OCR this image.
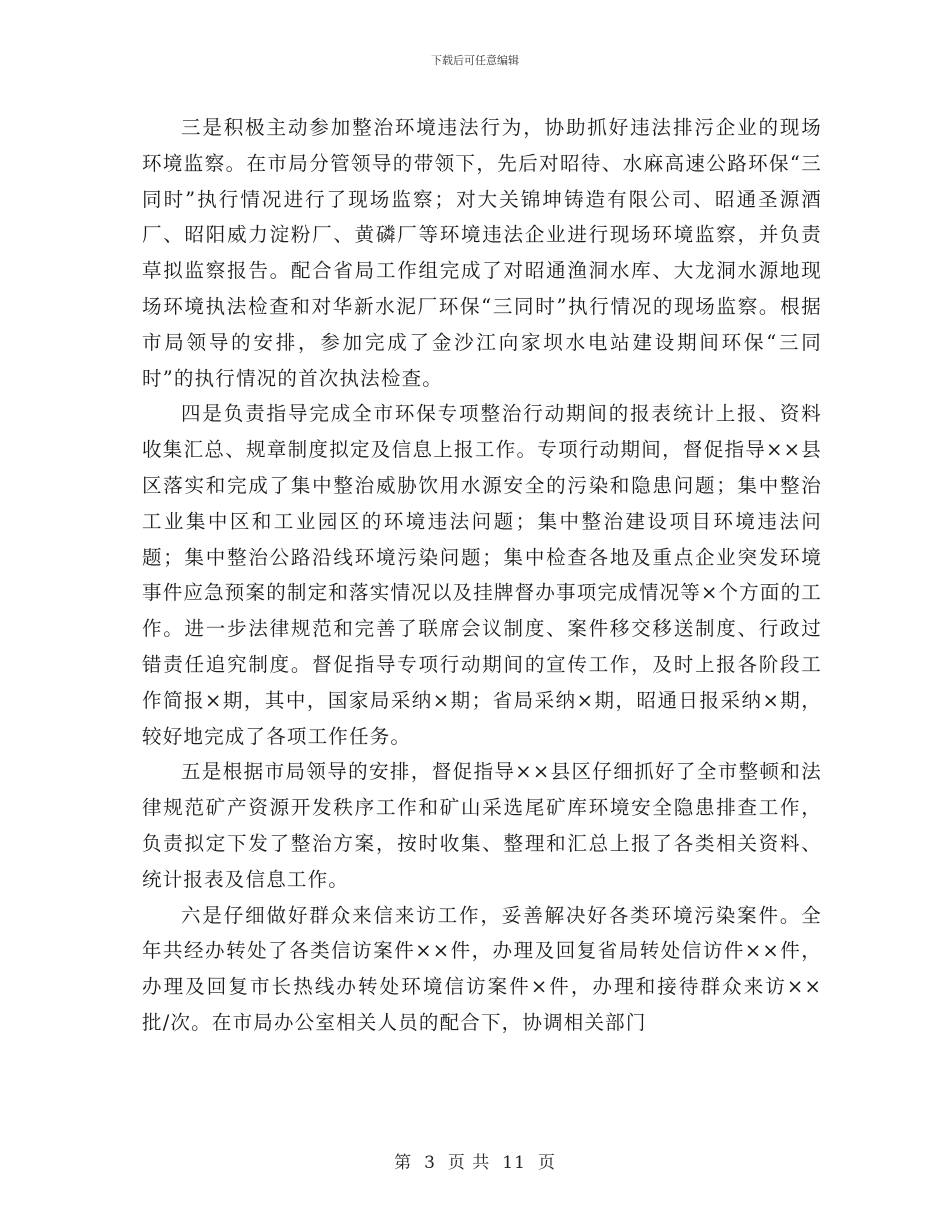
下载后可任意编辑

三是积极主动参加整治环境违法行为，协助抓好违法排污企业的现场环境监察。在市局分管领导的带领下，先后对昭待、水麻高速公路环保“三同时”执行情况进行了现场监察；对大关锦坤铸造有限公司、昭通圣源酒厂、昭阳威力淀粉厂、黄磷厂等环境违法企业进行现场环境监察，并负责草拟监察报告。配合省局工作组完成了对昭通渔洞水库、大龙洞水源地现场环境执法检查和对华新水泥厂环保“三同时”执行情况的现场监察。根据市局领导的安排，参加完成了金沙江向家坝水电站建设期间环保“三同时”的执行情况的首次执法检查。

四是负责指导完成全市环保专项整治行动期间的报表统计上报、资料收集汇总、规章制度拟定及信息上报工作。专项行动期间，督促指导××县区落实和完成了集中整治威胁饮用水源安全的污染和隐患问题；集中整治工业集中区和工业园区的环境违法问题；集中整治建设项目环境违法问题；集中整治公路沿线环境污染问题；集中检查各地及重点企业突发环境事件应急预案的制定和落实情况以及挂牌督办事项完成情况等×个方面的工作。进一步法律规范和完善了联席会议制度、案件移交移送制度、行政过错责任追究制度。督促指导专项行动期间的宣传工作，及时上报各阶段工作简报×期，其中，国家局采纳×期；省局采纳×期，昭通日报采纳×期，较好地完成了各项工作任务。

五是根据市局领导的安排，督促指导××县区仔细抓好了全市整顿和法律规范矿产资源开发秩序工作和矿山采选尾矿库环境安全隐患排查工作，负责拟定下发了整治方案，按时收集、整理和汇总上报了各类相关资料、统计报表及信息工作。

六是仔细做好群众来信来访工作，妥善解决好各类环境污染案件。全年共经办转处了各类信访案件××件，办理及回复省局转处信访件××件，办理及回复市长热线办转处环境信访案件×件，办理和接待群众来访××批/次。在市局办公室相关人员的配合下，协调相关部门

第 3 页 共 11 页
